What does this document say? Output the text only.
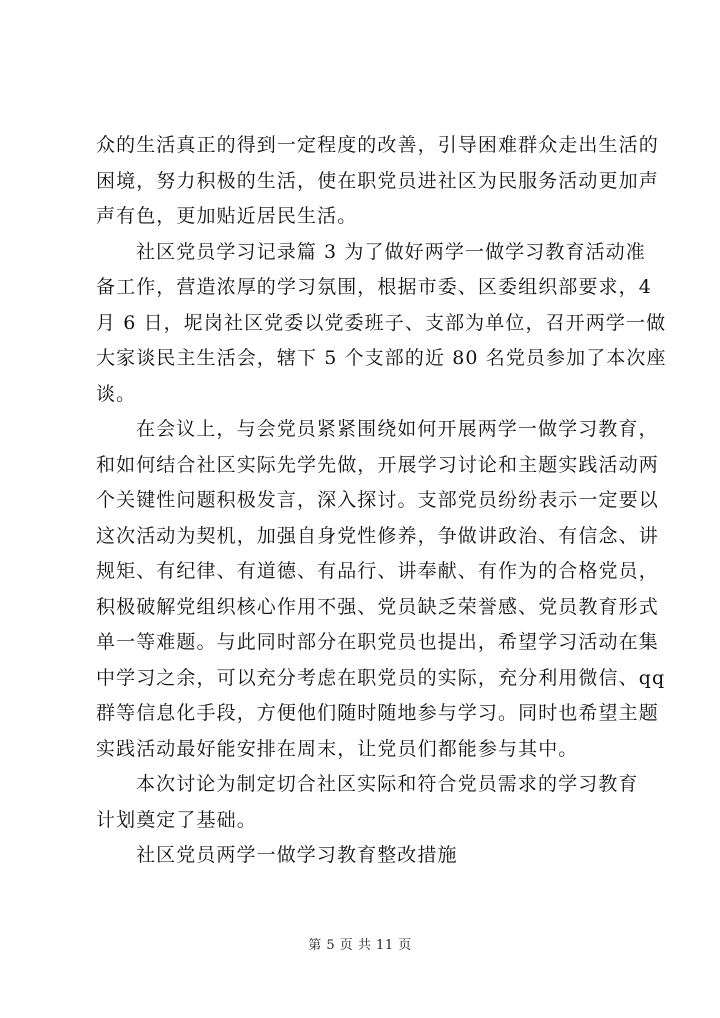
众的生活真正的得到一定程度的改善，引导困难群众走出生活的
困境，努力积极的生活，使在职党员进社区为民服务活动更加声
声有色，更加贴近居民生活。
社区党员学习记录篇 3 为了做好两学一做学习教育活动准
备工作，营造浓厚的学习氛围，根据市委、区委组织部要求，4
月 6 日，坭岗社区党委以党委班子、支部为单位，召开两学一做
大家谈民主生活会，辖下 5 个支部的近 80 名党员参加了本次座
谈。
在会议上，与会党员紧紧围绕如何开展两学一做学习教育，
和如何结合社区实际先学先做，开展学习讨论和主题实践活动两
个关键性问题积极发言，深入探讨。支部党员纷纷表示一定要以
这次活动为契机，加强自身党性修养，争做讲政治、有信念、讲
规矩、有纪律、有道德、有品行、讲奉献、有作为的合格党员，
积极破解党组织核心作用不强、党员缺乏荣誉感、党员教育形式
单一等难题。与此同时部分在职党员也提出，希望学习活动在集
中学习之余，可以充分考虑在职党员的实际，充分利用微信、qq
群等信息化手段，方便他们随时随地参与学习。同时也希望主题
实践活动最好能安排在周末，让党员们都能参与其中。
本次讨论为制定切合社区实际和符合党员需求的学习教育
计划奠定了基础。
社区党员两学一做学习教育整改措施
第 5 页 共 11 页
